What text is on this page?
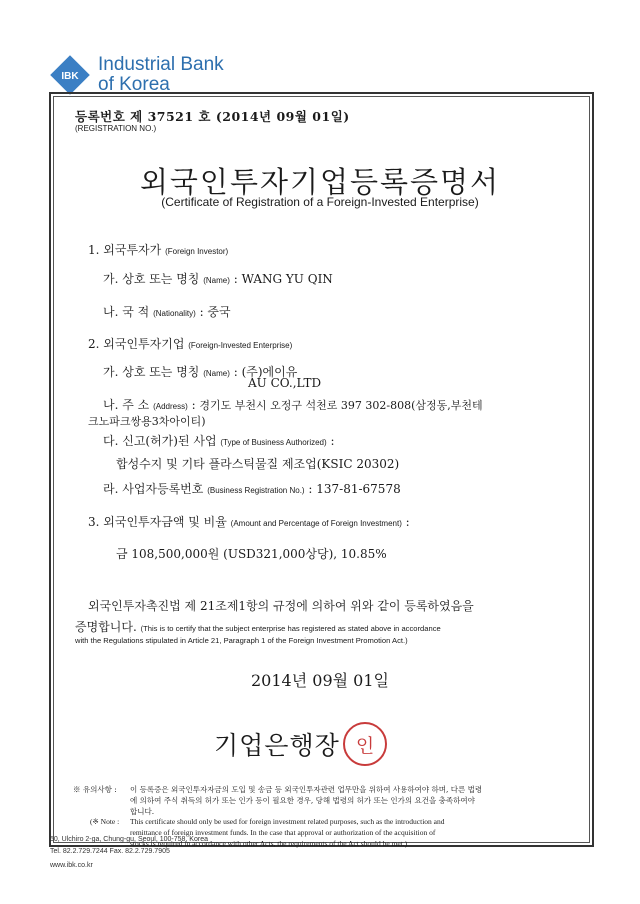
IBK
Industrial Bank
of Korea
등록번호 제 37521 호 (2014년 09월 01일)
(REGISTRATION NO.)
외국인투자기업등록증명서
(Certificate of Registration of a Foreign-Invested Enterprise)
1. 외국투자가 (Foreign Investor)
가. 상호 또는 명칭 (Name) : WANG YU QIN
나. 국 적 (Nationality) : 중국
2. 외국인투자기업 (Foreign-Invested Enterprise)
가. 상호 또는 명칭 (Name) : (주)에이유
AU CO.,LTD
나. 주 소 (Address) : 경기도 부천시 오정구 석천로 397 302-808(삼정동,부천테
크노파크쌍용3차아이티)
다. 신고(허가)된 사업 (Type of Business Authorized) :
합성수지 및 기타 플라스틱물질 제조업(KSIC 20302)
라. 사업자등록번호 (Business Registration No.) : 137-81-67578
3. 외국인투자금액 및 비율 (Amount and Percentage of Foreign Investment) :
금 108,500,000원 (USD321,000상당), 10.85%
외국인투자촉진법 제 21조제1항의 규정에 의하여 위와 같이 등록하였음을
증명합니다. (This is to certify that the subject enterprise has registered as stated above in accordance
with the Regulations stipulated in Article 21, Paragraph 1 of the Foreign Investment Promotion Act.)
2014년 09월 01일
기업은행장 인
※ 유의사항 : 이 등록증은 외국인투자자금의 도입 및 송금 등 외국인투자관련 업무만을 위하여 사용하여야 하며, 다른 법령
에 의하여 주식 취득의 허가 또는 인가 등이 필요한 경우, 당해 법령의 허가 또는 인가의 요건을 충족하여야
합니다.
(※ Note : This certificate should only be used for foreign investment related purposes, such as the introduction and
remittance of foreign investment funds. In the case that approval or authorization of the acquisition of
stocks is required in accordance with other Acts, the requirements of the Act should be met.)
50, Ulchiro 2-ga, Chung-gu, Seoul, 100-758, Korea
Tel. 82.2.729.7244 Fax. 82.2.729.7905
www.ibk.co.kr
